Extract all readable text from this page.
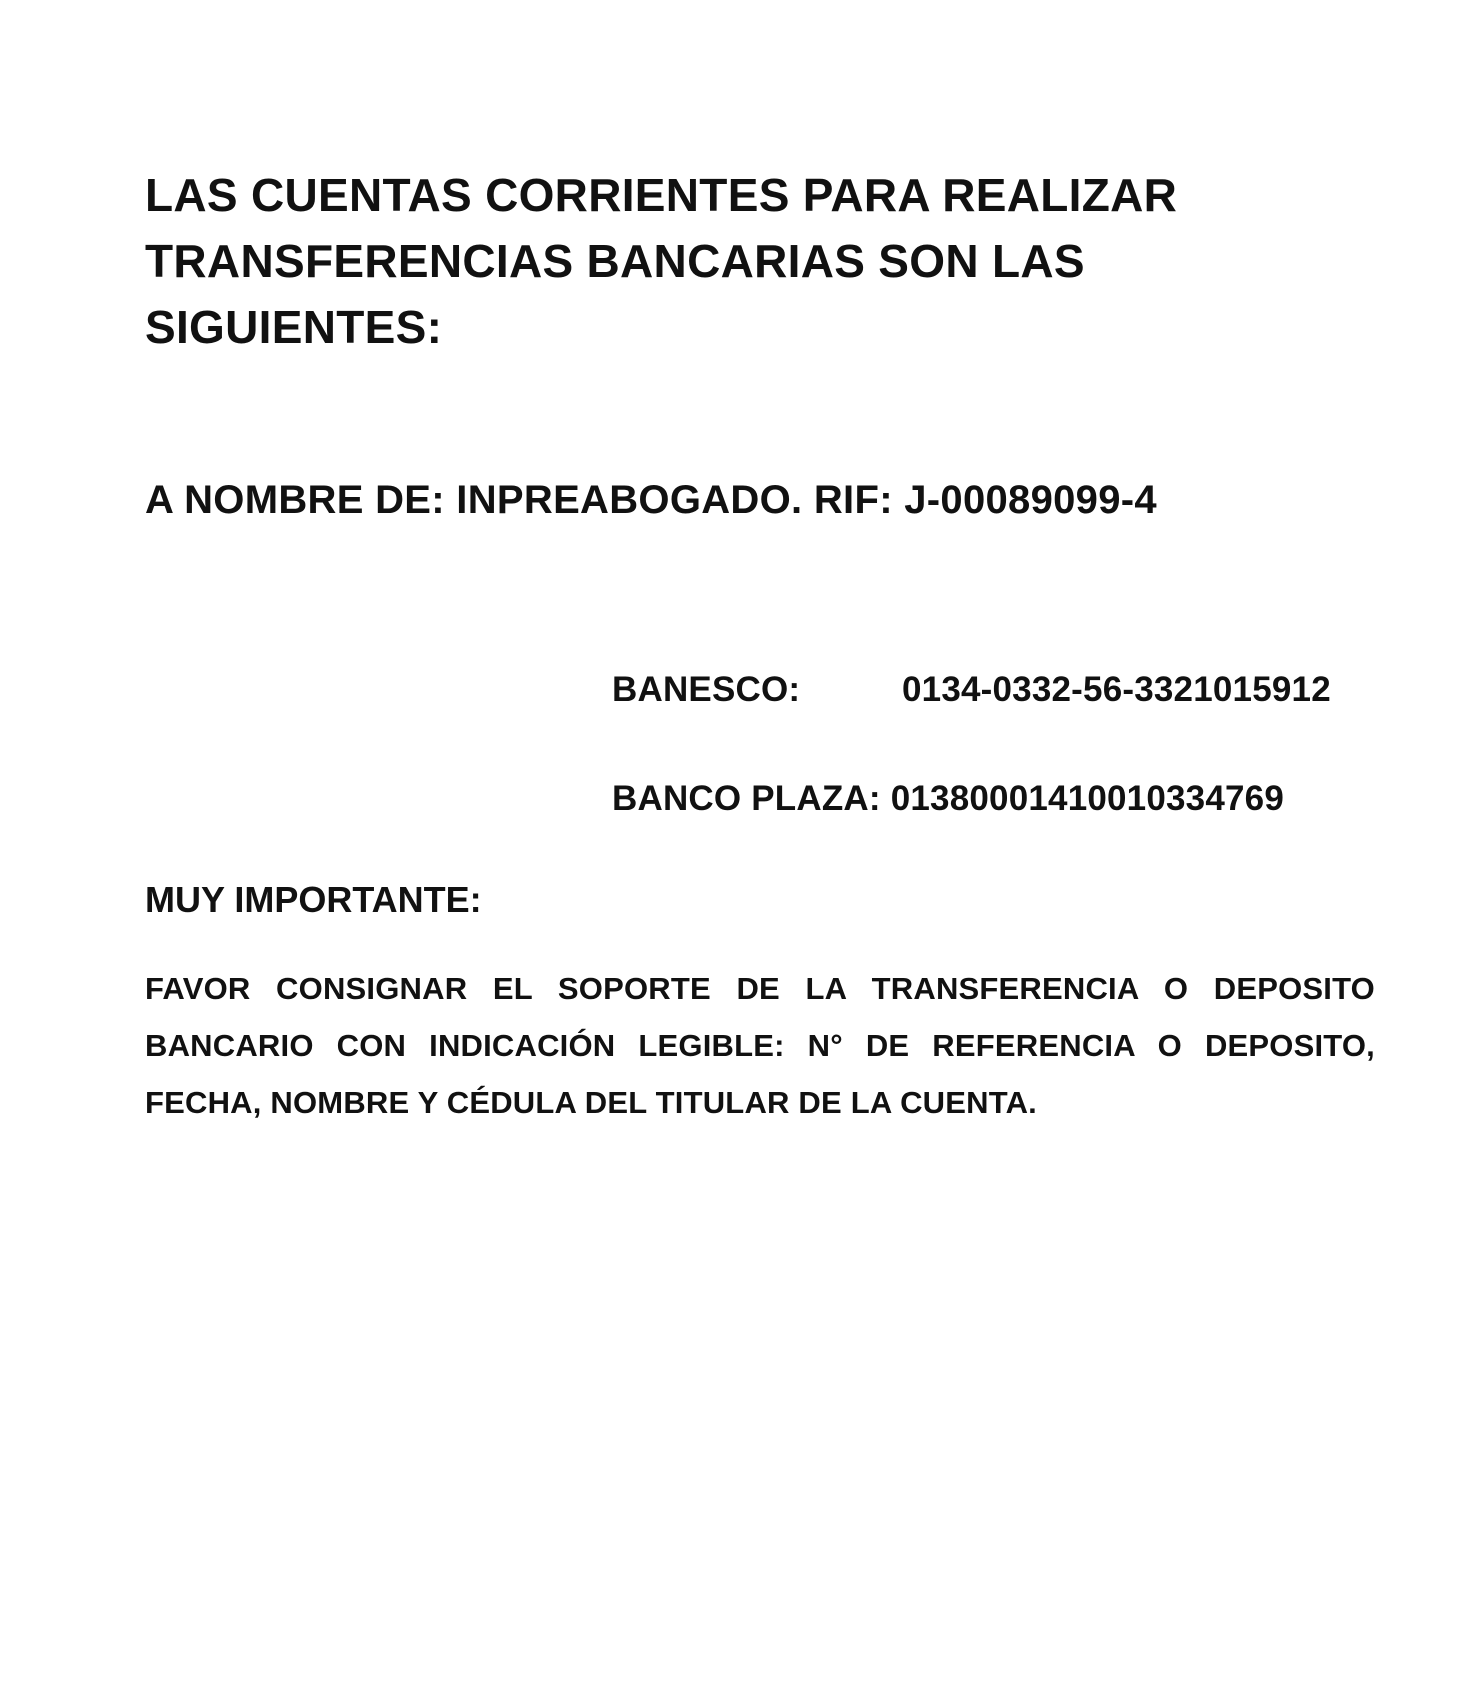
LAS CUENTAS CORRIENTES PARA REALIZAR
TRANSFERENCIAS BANCARIAS SON LAS
SIGUIENTES:
A NOMBRE DE: INPREABOGADO. RIF: J-00089099-4
BANESCO:	0134-0332-56-3321015912
BANCO PLAZA: 01380001410010334769
MUY IMPORTANTE:
FAVOR CONSIGNAR EL SOPORTE DE LA TRANSFERENCIA O DEPOSITO
BANCARIO CON INDICACIÓN LEGIBLE: N° DE REFERENCIA O DEPOSITO,
FECHA, NOMBRE Y CÉDULA DEL TITULAR DE LA CUENTA.
